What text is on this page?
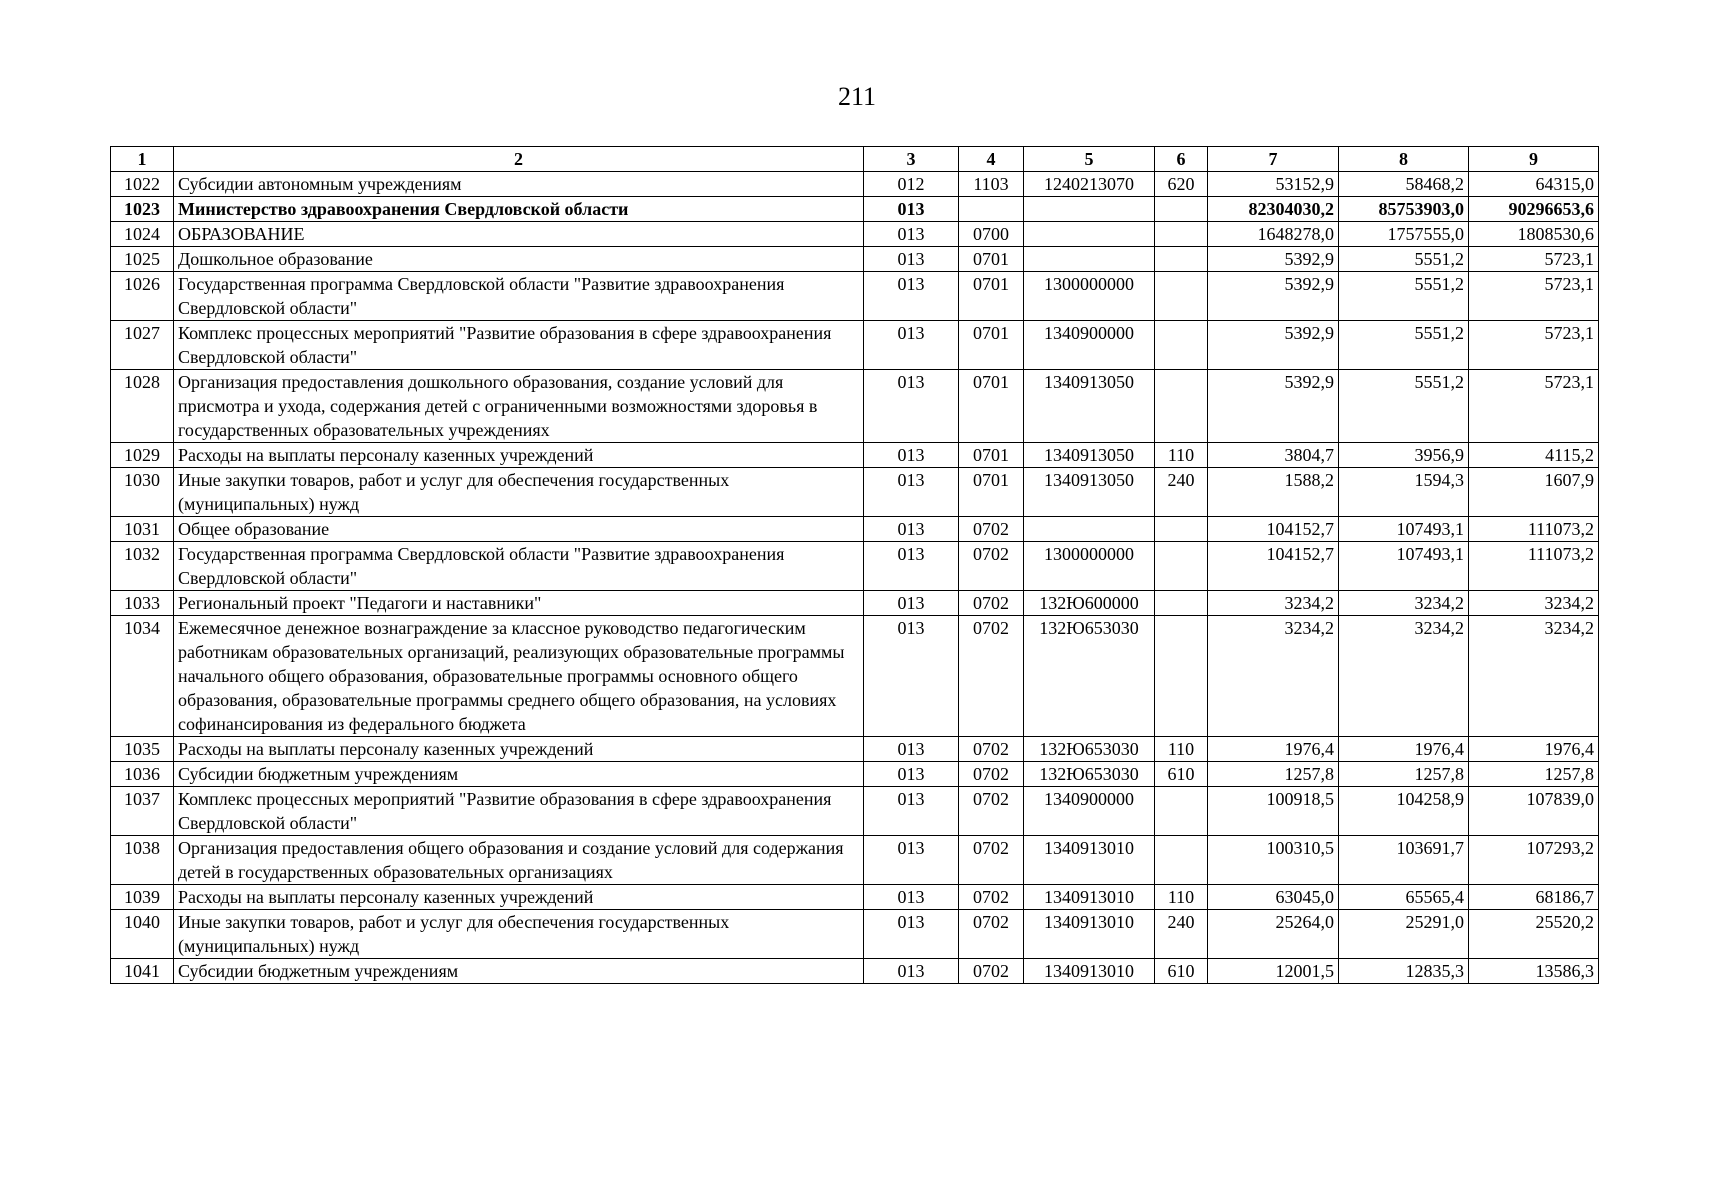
211
1	2	3	4	5	6	7	8	9
1022	Субсидии автономным учреждениям	012	1103	1240213070	620	53152,9	58468,2	64315,0
1023	Министерство здравоохранения Свердловской области	013				82304030,2	85753903,0	90296653,6
1024	ОБРАЗОВАНИЕ	013	0700			1648278,0	1757555,0	1808530,6
1025	Дошкольное образование	013	0701			5392,9	5551,2	5723,1
1026	Государственная программа Свердловской области "Развитие здравоохранения Свердловской области"	013	0701	1300000000		5392,9	5551,2	5723,1
1027	Комплекс процессных мероприятий "Развитие образования в сфере здравоохранения Свердловской области"	013	0701	1340900000		5392,9	5551,2	5723,1
1028	Организация предоставления дошкольного образования, создание условий для присмотра и ухода, содержания детей с ограниченными возможностями здоровья в государственных образовательных учреждениях	013	0701	1340913050		5392,9	5551,2	5723,1
1029	Расходы на выплаты персоналу казенных учреждений	013	0701	1340913050	110	3804,7	3956,9	4115,2
1030	Иные закупки товаров, работ и услуг для обеспечения государственных (муниципальных) нужд	013	0701	1340913050	240	1588,2	1594,3	1607,9
1031	Общее образование	013	0702			104152,7	107493,1	111073,2
1032	Государственная программа Свердловской области "Развитие здравоохранения Свердловской области"	013	0702	1300000000		104152,7	107493,1	111073,2
1033	Региональный проект "Педагоги и наставники"	013	0702	132Ю600000		3234,2	3234,2	3234,2
1034	Ежемесячное денежное вознаграждение за классное руководство педагогическим работникам образовательных организаций, реализующих образовательные программы начального общего образования, образовательные программы основного общего образования, образовательные программы среднего общего образования, на условиях софинансирования из федерального бюджета	013	0702	132Ю653030		3234,2	3234,2	3234,2
1035	Расходы на выплаты персоналу казенных учреждений	013	0702	132Ю653030	110	1976,4	1976,4	1976,4
1036	Субсидии бюджетным учреждениям	013	0702	132Ю653030	610	1257,8	1257,8	1257,8
1037	Комплекс процессных мероприятий "Развитие образования в сфере здравоохранения Свердловской области"	013	0702	1340900000		100918,5	104258,9	107839,0
1038	Организация предоставления общего образования и создание условий для содержания детей в государственных образовательных организациях	013	0702	1340913010		100310,5	103691,7	107293,2
1039	Расходы на выплаты персоналу казенных учреждений	013	0702	1340913010	110	63045,0	65565,4	68186,7
1040	Иные закупки товаров, работ и услуг для обеспечения государственных (муниципальных) нужд	013	0702	1340913010	240	25264,0	25291,0	25520,2
1041	Субсидии бюджетным учреждениям	013	0702	1340913010	610	12001,5	12835,3	13586,3
